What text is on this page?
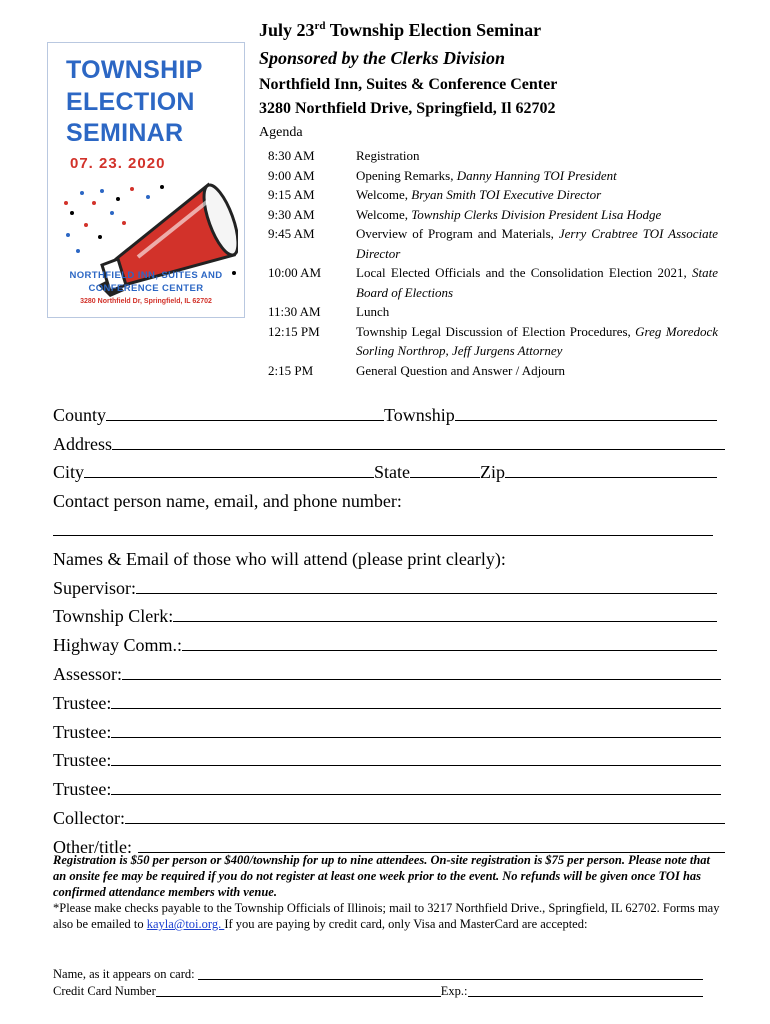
TOWNSHIP
ELECTION
SEMINAR
07. 23. 2020
NORTHFIELD INN, SUITES AND
CONFERENCE CENTER
3280 Northfield Dr, Springfield, IL 62702
July 23rd Township Election Seminar
Sponsored by the Clerks Division
Northfield Inn, Suites & Conference Center
3280 Northfield Drive, Springfield, Il 62702
Agenda
8:30 AM	Registration
9:00 AM	Opening Remarks, Danny Hanning TOI President
9:15 AM	Welcome, Bryan Smith TOI Executive Director
9:30 AM	Welcome, Township Clerks Division President Lisa Hodge
9:45 AM	Overview of Program and Materials, Jerry Crabtree TOI Associate Director
10:00 AM	Local Elected Officials and the Consolidation Election 2021, State Board of Elections
11:30 AM	Lunch
12:15 PM	Township Legal Discussion of Election Procedures, Greg Moredock Sorling Northrop, Jeff Jurgens Attorney
2:15 PM	General Question and Answer / Adjourn
County	Township
Address
City	State	Zip
Contact person name, email, and phone number:
Names & Email of those who will attend (please print clearly):
Supervisor:
Township Clerk:
Highway Comm.:
Assessor:
Trustee:
Trustee:
Trustee:
Trustee:
Collector:
Other/title:
Registration is $50 per person or $400/township for up to nine attendees. On-site registration is $75 per person. Please note that an onsite fee may be required if you do not register at least one week prior to the event. No refunds will be given once TOI has confirmed attendance members with venue.
*Please make checks payable to the Township Officials of Illinois; mail to 3217 Northfield Drive., Springfield, IL 62702. Forms may also be emailed to kayla@toi.org. If you are paying by credit card, only Visa and MasterCard are accepted:
Name, as it appears on card:
Credit Card Number	Exp.:
